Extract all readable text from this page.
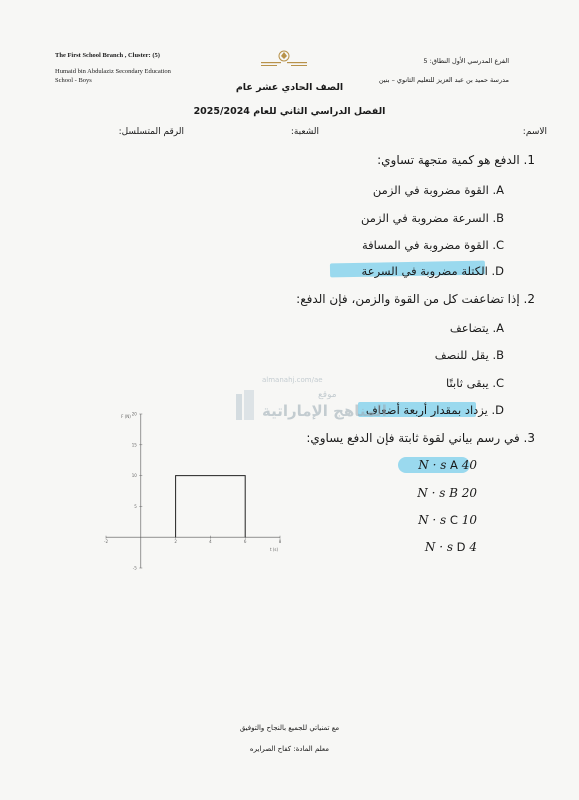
The First School Branch , Cluster: (5)
Humaid bin Abdulaziz Secondary Education
School - Boys
الفرع المدرسي الأول النطاق: 5
مدرسة حميد بن عبد العزيز للتعليم الثانوي – بنين
الصف الحادي عشر عام
الفصل الدراسي الثاني للعام 2025/2024
الاسم:
الشعبة:
الرقم المتسلسل:
1. الدفع هو كمية متجهة تساوي:
A. القوة مضروبة في الزمن
B. السرعة مضروبة في الزمن
C. القوة مضروبة في المسافة
D. الكتلة مضروبة في السرعة
2. إذا تضاعفت كل من القوة والزمن، فإن الدفع:
A. يتضاعف
B. يقل للنصف
C. يبقى ثابتًا
D. يزداد بمقدار أربعة أضعاف
almanahj.com/ae
موقع
المناهج الإماراتية
-2	2	4	6	8
-5
5
10
15
20
F (N)
t (s)
3. في رسم بياني لقوة ثابتة فإن الدفع يساوي:
40 N · s A
20 N · s B
10 N · s C
4 N · s D
مع تمنياتي للجميع بالنجاح والتوفيق
معلم المادة: كفاح الصرايره
